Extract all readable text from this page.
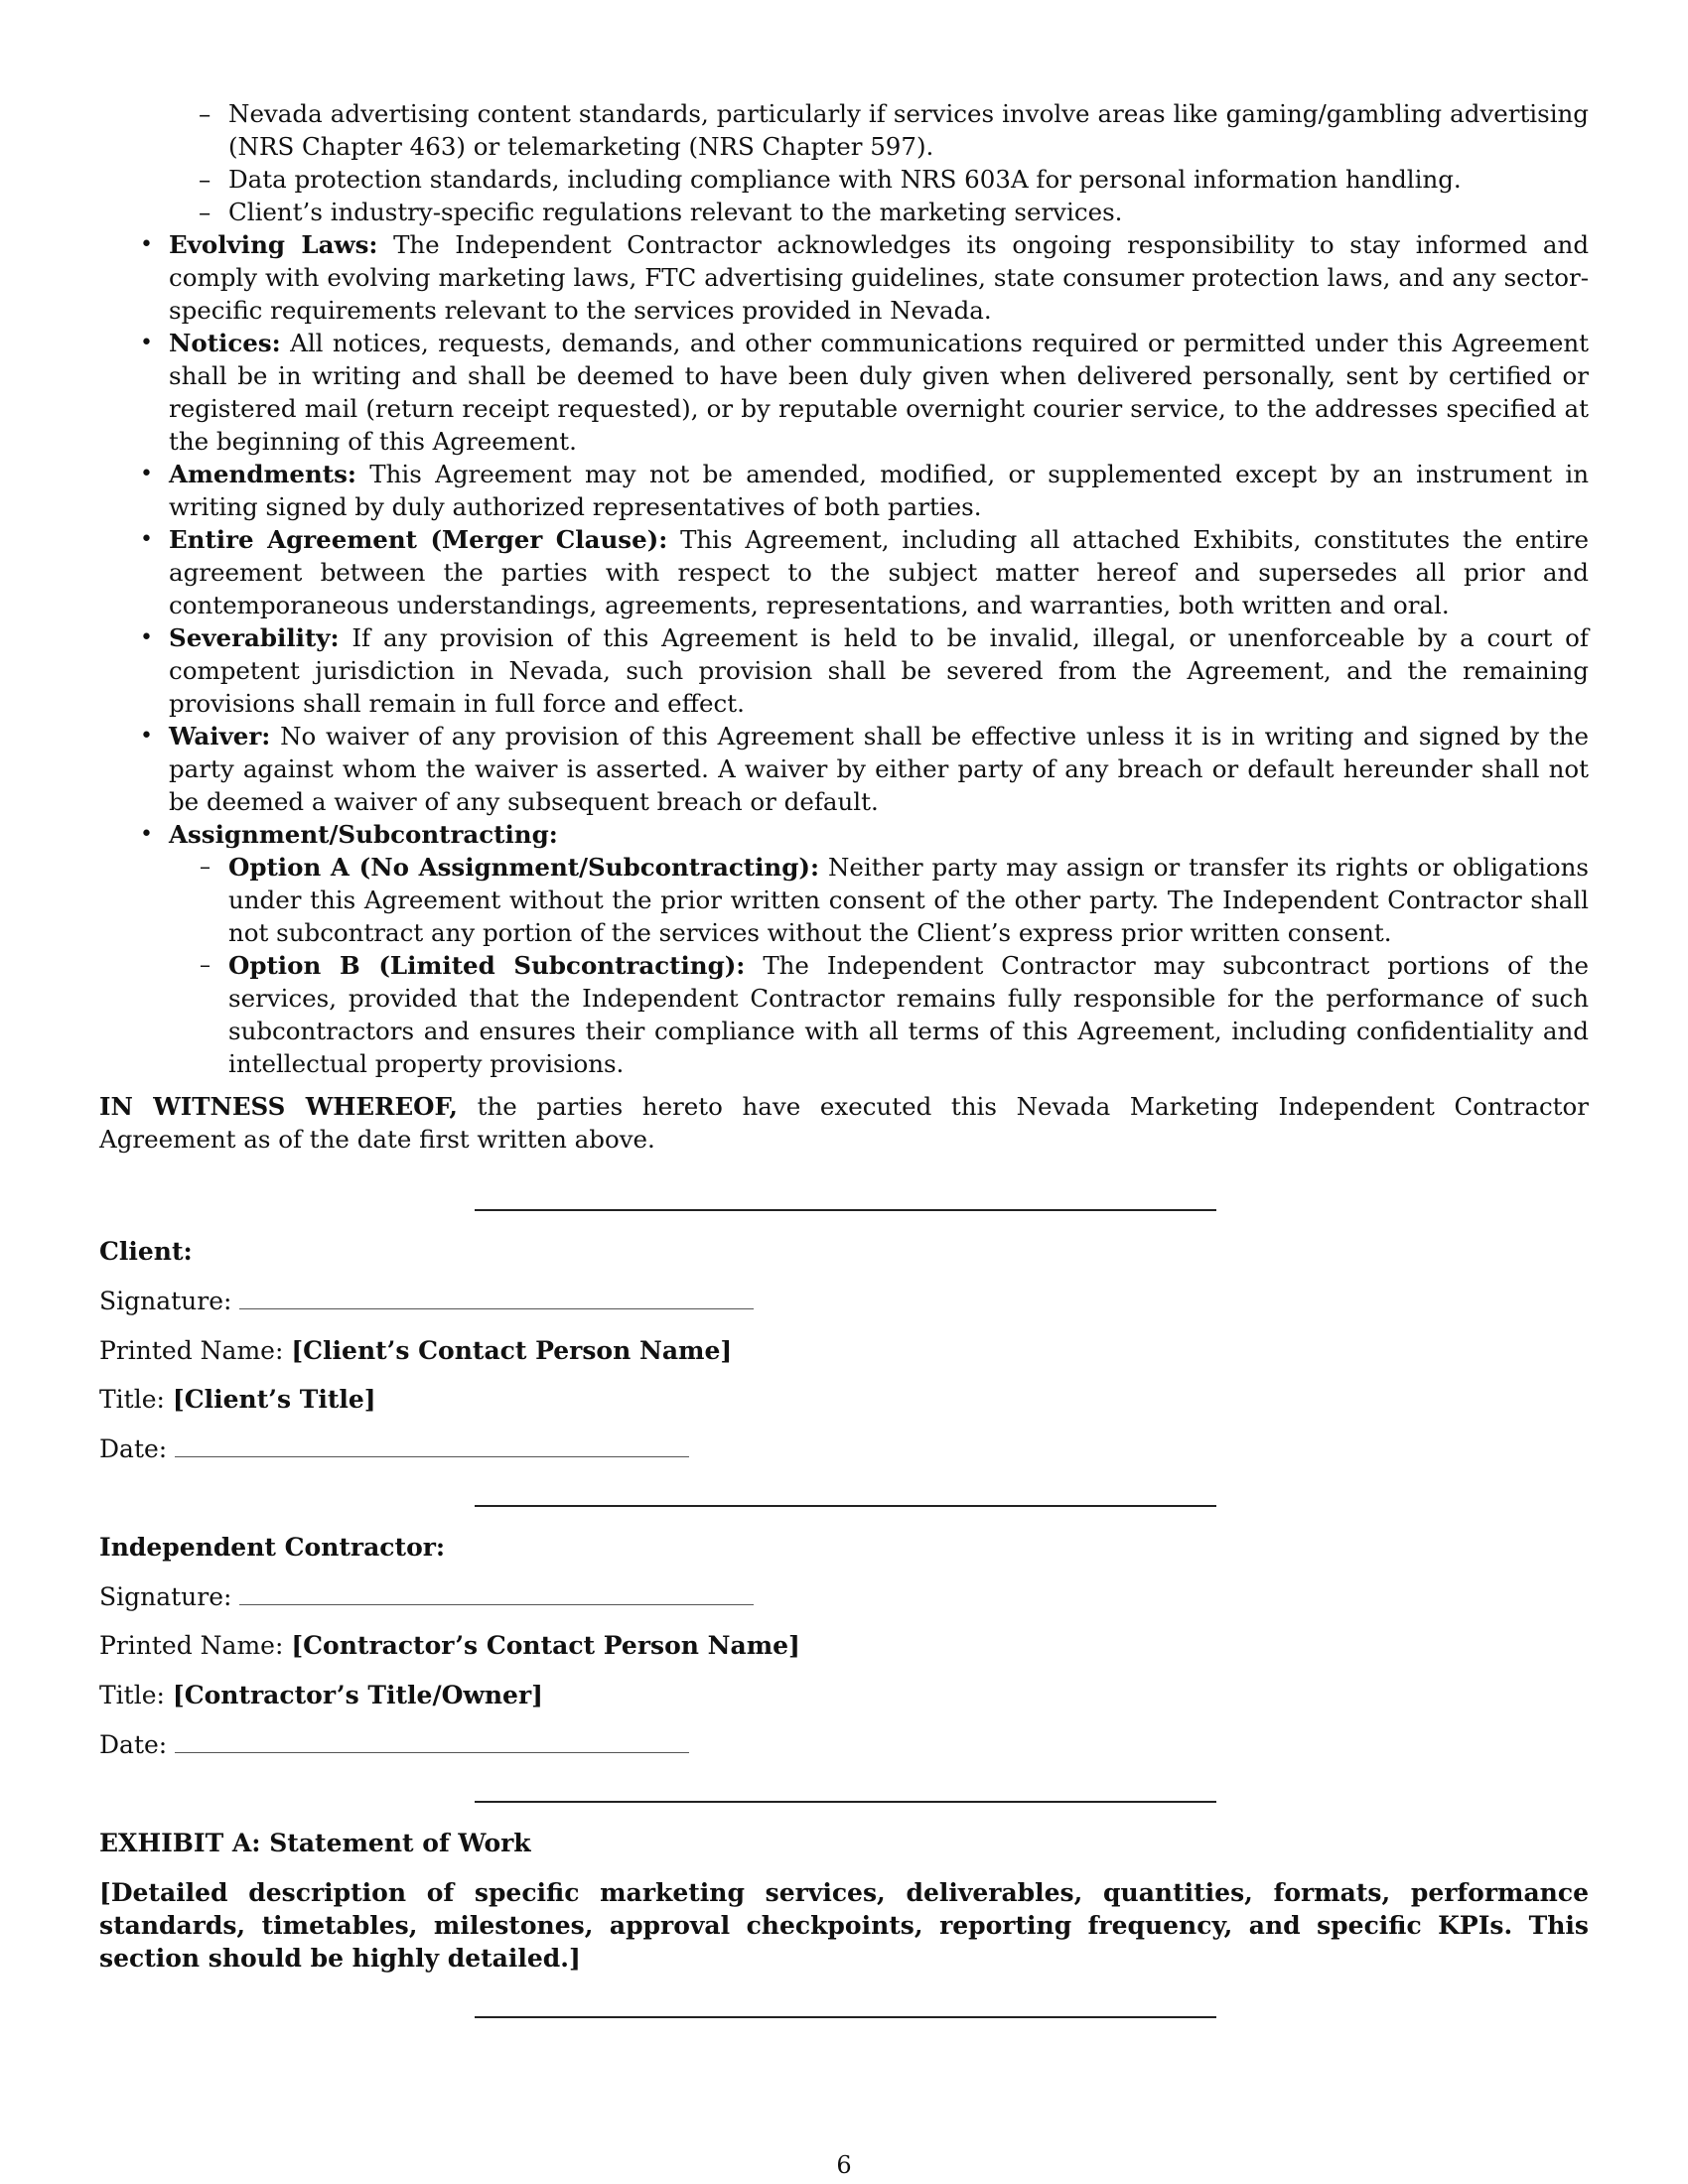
– Nevada advertising content standards, particularly if services involve areas like gaming/gambling advertising (NRS Chapter 463) or telemarketing (NRS Chapter 597).
– Data protection standards, including compliance with NRS 603A for personal information handling.
– Client’s industry-specific regulations relevant to the marketing services.
• Evolving Laws: The Independent Contractor acknowledges its ongoing responsibility to stay informed and comply with evolving marketing laws, FTC advertising guidelines, state consumer protection laws, and any sector-specific requirements relevant to the services provided in Nevada.
• Notices: All notices, requests, demands, and other communications required or permitted under this Agreement shall be in writing and shall be deemed to have been duly given when delivered personally, sent by certified or registered mail (return receipt requested), or by reputable overnight courier service, to the addresses specified at the beginning of this Agreement.
• Amendments: This Agreement may not be amended, modified, or supplemented except by an instrument in writing signed by duly authorized representatives of both parties.
• Entire Agreement (Merger Clause): This Agreement, including all attached Exhibits, constitutes the entire agreement between the parties with respect to the subject matter hereof and supersedes all prior and contemporaneous understandings, agreements, representations, and warranties, both written and oral.
• Severability: If any provision of this Agreement is held to be invalid, illegal, or unenforceable by a court of competent jurisdiction in Nevada, such provision shall be severed from the Agreement, and the remaining provisions shall remain in full force and effect.
• Waiver: No waiver of any provision of this Agreement shall be effective unless it is in writing and signed by the party against whom the waiver is asserted. A waiver by either party of any breach or default hereunder shall not be deemed a waiver of any subsequent breach or default.
• Assignment/Subcontracting:
– Option A (No Assignment/Subcontracting): Neither party may assign or transfer its rights or obligations under this Agreement without the prior written consent of the other party. The Independent Contractor shall not subcontract any portion of the services without the Client’s express prior written consent.
– Option B (Limited Subcontracting): The Independent Contractor may subcontract portions of the services, provided that the Independent Contractor remains fully responsible for the performance of such subcontractors and ensures their compliance with all terms of this Agreement, including confidentiality and intellectual property provisions.

IN WITNESS WHEREOF, the parties hereto have executed this Nevada Marketing Independent Contractor Agreement as of the date first written above.

Client:
Signature:
Printed Name: [Client’s Contact Person Name]
Title: [Client’s Title]
Date:
Independent Contractor:
Signature:
Printed Name: [Contractor’s Contact Person Name]
Title: [Contractor’s Title/Owner]
Date:
EXHIBIT A: Statement of Work
[Detailed description of specific marketing services, deliverables, quantities, formats, performance standards, timetables, milestones, approval checkpoints, reporting frequency, and specific KPIs. This section should be highly detailed.]
6
